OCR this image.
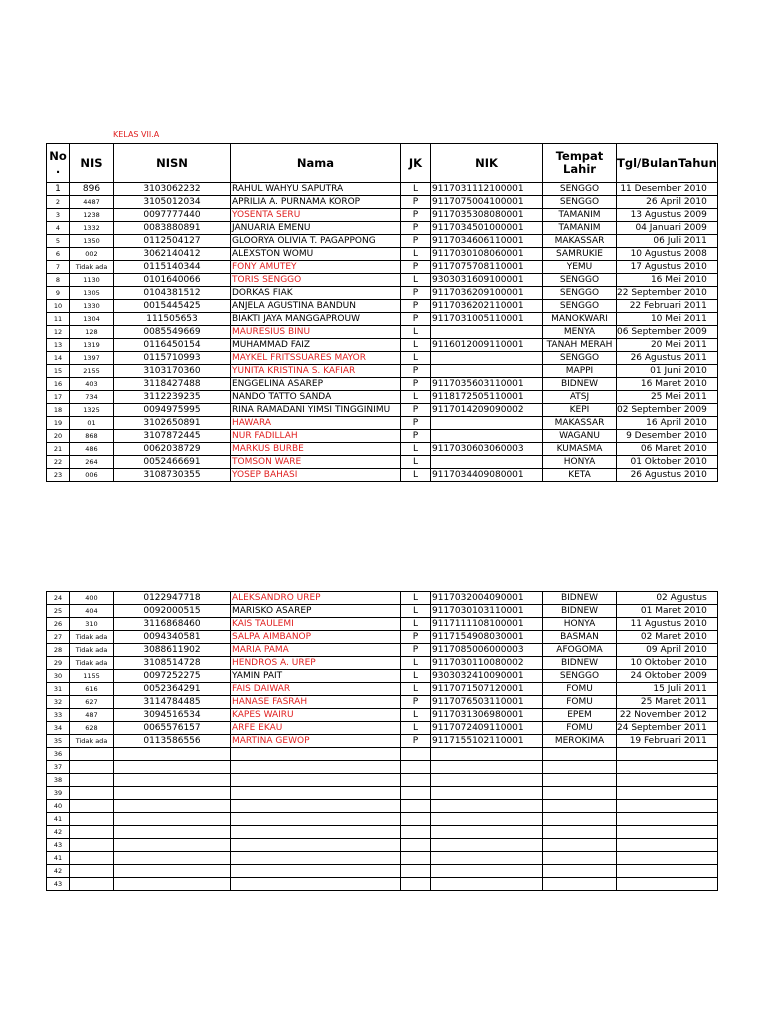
KELAS VII.A
No .	NIS	NISN	Nama	JK	NIK	Tempat Lahir	Tgl/BulanTahun
1	896	3103062232	RAHUL WAHYU SAPUTRA	L	9117031112100001	SENGGO	11 Desember 2010
2	4487	3105012034	APRILIA A. PURNAMA KOROP	P	9117075004100001	SENGGO	26 April 2010
3	1238	0097777440	YOSENTA SERU	P	9117035308080001	TAMANIM	13 Agustus 2009
4	1332	0083880891	JANUARIA EMENU	P	9117034501000001	TAMANIM	04 Januari 2009
5	1350	0112504127	GLOORYA OLIVIA T. PAGAPPONG	P	9117034606110001	MAKASSAR	06 Juli 2011
6	002	3062140412	ALEXSTON WOMU	L	9117030108060001	SAMRUKIE	10 Agustus 2008
7	Tidak ada	0115140344	FONY AMUTEY	P	9117075708110001	YEMU	17 Agustus 2010
8	1130	0101640066	TORIS SENGGO	L	9303031609100001	SENGGO	16 Mei 2010
9	1305	0104381512	DORKAS FIAK	P	9117036209100001	SENGGO	22 September 2010
10	1330	0015445425	ANJELA AGUSTINA BANDUN	P	9117036202110001	SENGGO	22 Februari 2011
11	1304	111505653	BIAKTI JAYA MANGGAPROUW	P	9117031005110001	MANOKWARI	10 Mei 2011
12	128	0085549669	MAURESIUS BINU	L		MENYA	06 September 2009
13	1319	0116450154	MUHAMMAD FAIZ	L	9116012009110001	TANAH MERAH	20 Mei 2011
14	1397	0115710993	MAYKEL FRITSSUARES MAYOR	L		SENGGO	26 Agustus 2011
15	2155	3103170360	YUNITA KRISTINA S. KAFIAR	P		MAPPI	01 Juni 2010
16	403	3118427488	ENGGELINA ASAREP	P	9117035603110001	BIDNEW	16 Maret 2010
17	734	3112239235	NANDO TATTO SANDA	L	9118172505110001	ATSJ	25 Mei 2011
18	1325	0094975995	RINA RAMADANI YIMSI TINGGINIMU	P	9117014209090002	KEPI	02 September 2009
19	01	3102650891	HAWARA	P		MAKASSAR	16 April 2010
20	868	3107872445	NUR FADILLAH	P		WAGANU	9 Desember 2010
21	486	0062038729	MARKUS BURBE	L	9117030603060003	KUMASMA	06 Maret 2010
22	264	0052466691	TOMSON WARE	L		HONYA	01 Oktober 2010
23	006	3108730355	YOSEP BAHASI	L	9117034409080001	KETA	26 Agustus 2010
24	400	0122947718	ALEKSANDRO UREP	L	9117032004090001	BIDNEW	02 Agustus
25	404	0092000515	MARISKO ASAREP	L	9117030103110001	BIDNEW	01 Maret 2010
26	310	3116868460	KAIS TAULEMI	L	9117111108100001	HONYA	11 Agustus 2010
27	Tidak ada	0094340581	SALPA AIMBANOP	P	9117154908030001	BASMAN	02 Maret 2010
28	Tidak ada	3088611902	MARIA PAMA	P	9117085006000003	AFOGOMA	09 April 2010
29	Tidak ada	3108514728	HENDROS A. UREP	L	9117030110080002	BIDNEW	10 Oktober 2010
30	1155	0097252275	YAMIN PAIT	L	9303032410090001	SENGGO	24 Oktober 2009
31	616	0052364291	FAIS DAIWAR	L	9117071507120001	FOMU	15 Juli 2011
32	627	3114784485	HANASE FASRAH	P	9117076503110001	FOMU	25 Maret 2011
33	487	3094516534	KAPES WAIRU	L	9117031306980001	EPEM	22 November 2012
34	628	0065576157	ARFE EKAU	L	9117072409110001	FOMU	24 September 2011
35	Tidak ada	0113586556	MARTINA GEWOP	P	9117155102110001	MEROKIMA	19 Februari 2011
36							
37							
38							
39							
40							
41							
42							
43							
41							
42							
43							
